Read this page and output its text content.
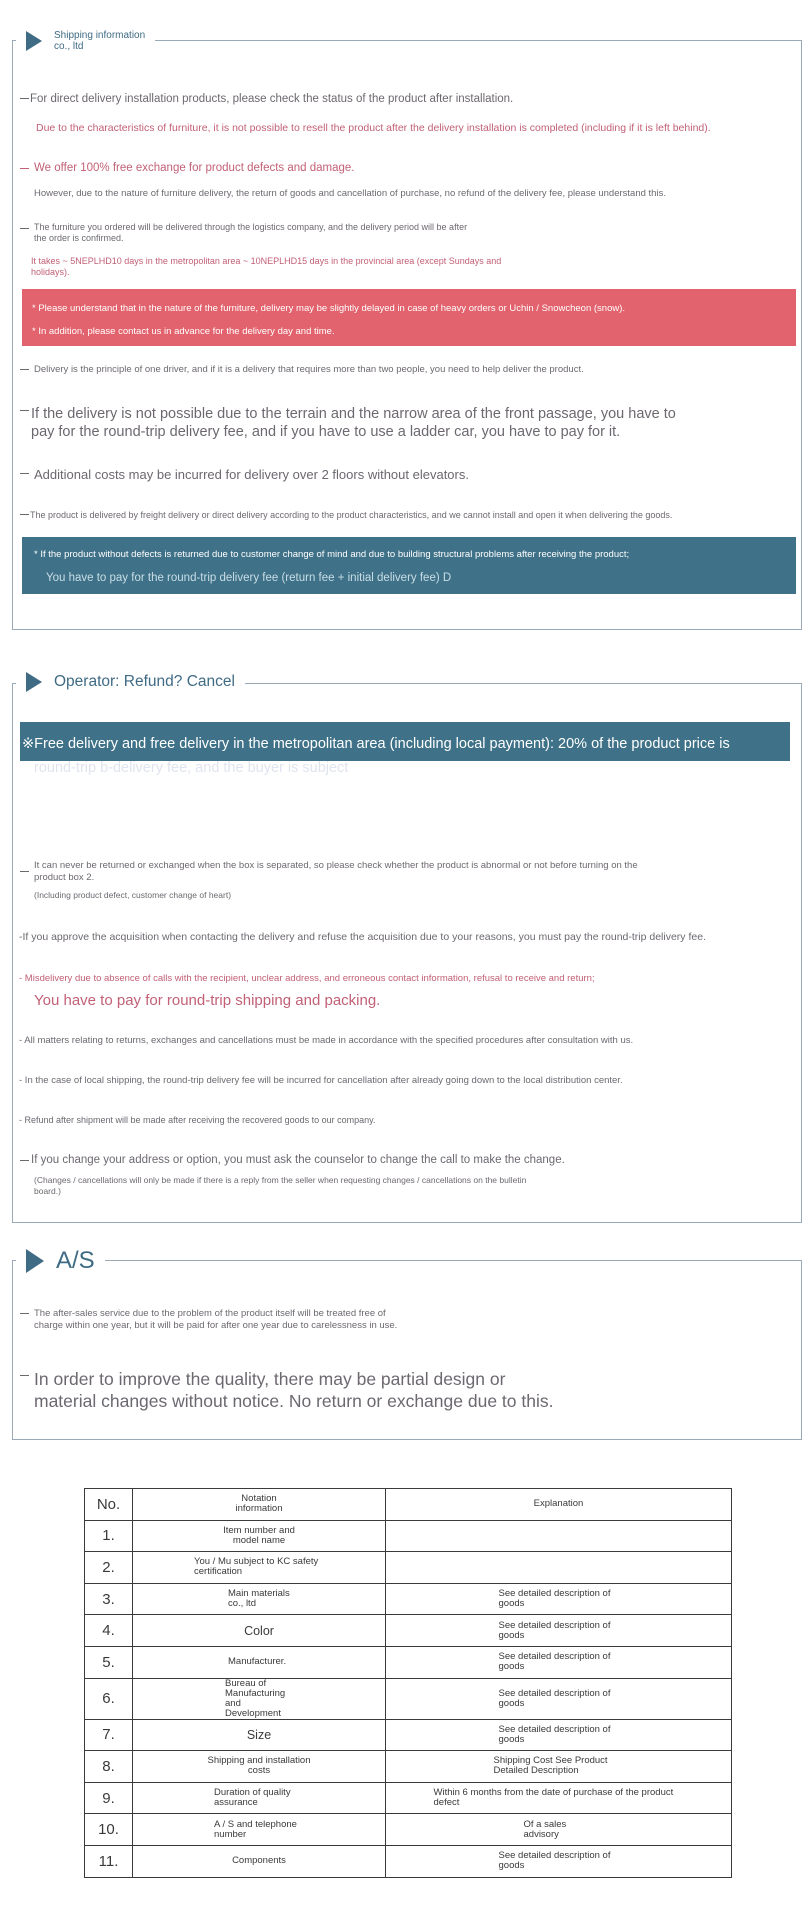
Shipping information
co., ltd
For direct delivery installation products, please check the status of the product after installation.
Due to the characteristics of furniture, it is not possible to resell the product after the delivery installation is completed (including if it is left behind).
We offer 100% free exchange for product defects and damage.
However, due to the nature of furniture delivery, the return of goods and cancellation of purchase, no refund of the delivery fee, please understand this.
The furniture you ordered will be delivered through the logistics company, and the delivery period will be after
the order is confirmed.
It takes ~ 5NEPLHD10 days in the metropolitan area ~ 10NEPLHD15 days in the provincial area (except Sundays and
holidays).
* Please understand that in the nature of the furniture, delivery may be slightly delayed in case of heavy orders or Uchin / Snowcheon (snow).
* In addition, please contact us in advance for the delivery day and time.
Delivery is the principle of one driver, and if it is a delivery that requires more than two people, you need to help deliver the product.
If the delivery is not possible due to the terrain and the narrow area of the front passage, you have to
pay for the round-trip delivery fee, and if you have to use a ladder car, you have to pay for it.
Additional costs may be incurred for delivery over 2 floors without elevators.
The product is delivered by freight delivery or direct delivery according to the product characteristics, and we cannot install and open it when delivering the goods.
* If the product without defects is returned due to customer change of mind and due to building structural problems after receiving the product;
You have to pay for the round-trip delivery fee (return fee + initial delivery fee) D
Operator: Refund? Cancel
※Free delivery and free delivery in the metropolitan area (including local payment): 20% of the product price is
round-trip b-delivery fee, and the buyer is subject
It can never be returned or exchanged when the box is separated, so please check whether the product is abnormal or not before turning on the
product box 2.
(Including product defect, customer change of heart)
-If you approve the acquisition when contacting the delivery and refuse the acquisition due to your reasons, you must pay the round-trip delivery fee.
- Misdelivery due to absence of calls with the recipient, unclear address, and erroneous contact information, refusal to receive and return;
You have to pay for round-trip shipping and packing.
- All matters relating to returns, exchanges and cancellations must be made in accordance with the specified procedures after consultation with us.
- In the case of local shipping, the round-trip delivery fee will be incurred for cancellation after already going down to the local distribution center.
- Refund after shipment will be made after receiving the recovered goods to our company.
If you change your address or option, you must ask the counselor to change the call to make the change.
(Changes / cancellations will only be made if there is a reply from the seller when requesting changes / cancellations on the bulletin
board.)
A/S
The after-sales service due to the problem of the product itself will be treated free of
charge within one year, but it will be paid for after one year due to carelessness in use.
In order to improve the quality, there may be partial design or
material changes without notice. No return or exchange due to this.
No.	Notation information	Explanation
1.	Item number and model name	
2.	You / Mu subject to KC safety certification	
3.	Main materials co., ltd	See detailed description of goods
4.	Color	See detailed description of goods
5.	Manufacturer.	See detailed description of goods
6.	Bureau of Manufacturing and Development	See detailed description of goods
7.	Size	See detailed description of goods
8.	Shipping and installation costs	Shipping Cost See Product Detailed Description
9.	Duration of quality assurance	Within 6 months from the date of purchase of the product defect
10.	A / S and telephone number	Of a sales advisory
11.	Components	See detailed description of goods
